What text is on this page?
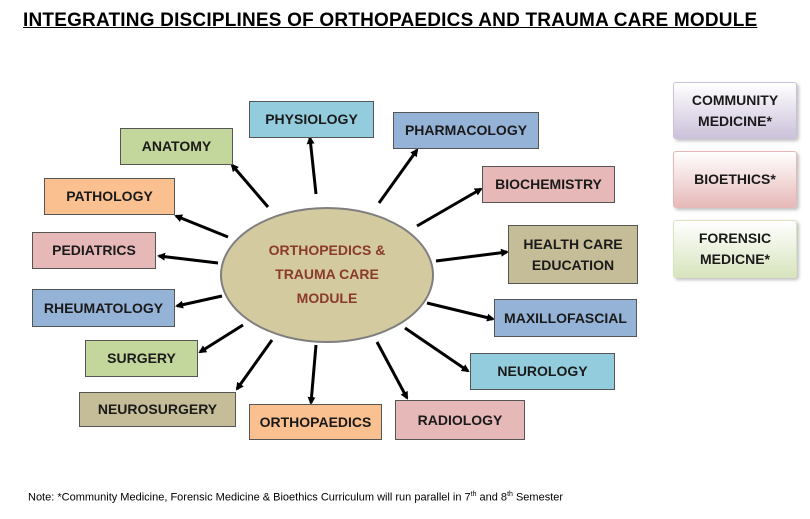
INTEGRATING DISCIPLINES OF ORTHOPAEDICS AND TRAUMA CARE MODULE
ORTHOPEDICS &
TRAUMA CARE
MODULE
PHYSIOLOGY
PHARMACOLOGY
ANATOMY
BIOCHEMISTRY
PATHOLOGY
HEALTH CARE
EDUCATION
PEDIATRICS
RHEUMATOLOGY
MAXILLOFASCIAL
SURGERY
NEUROLOGY
NEUROSURGERY
ORTHOPAEDICS	RADIOLOGY
COMMUNITY
MEDICINE*
BIOETHICS*
FORENSIC
MEDICNE*
Note: *Community Medicine, Forensic Medicine & Bioethics Curriculum will run parallel in 7th and 8th Semester
